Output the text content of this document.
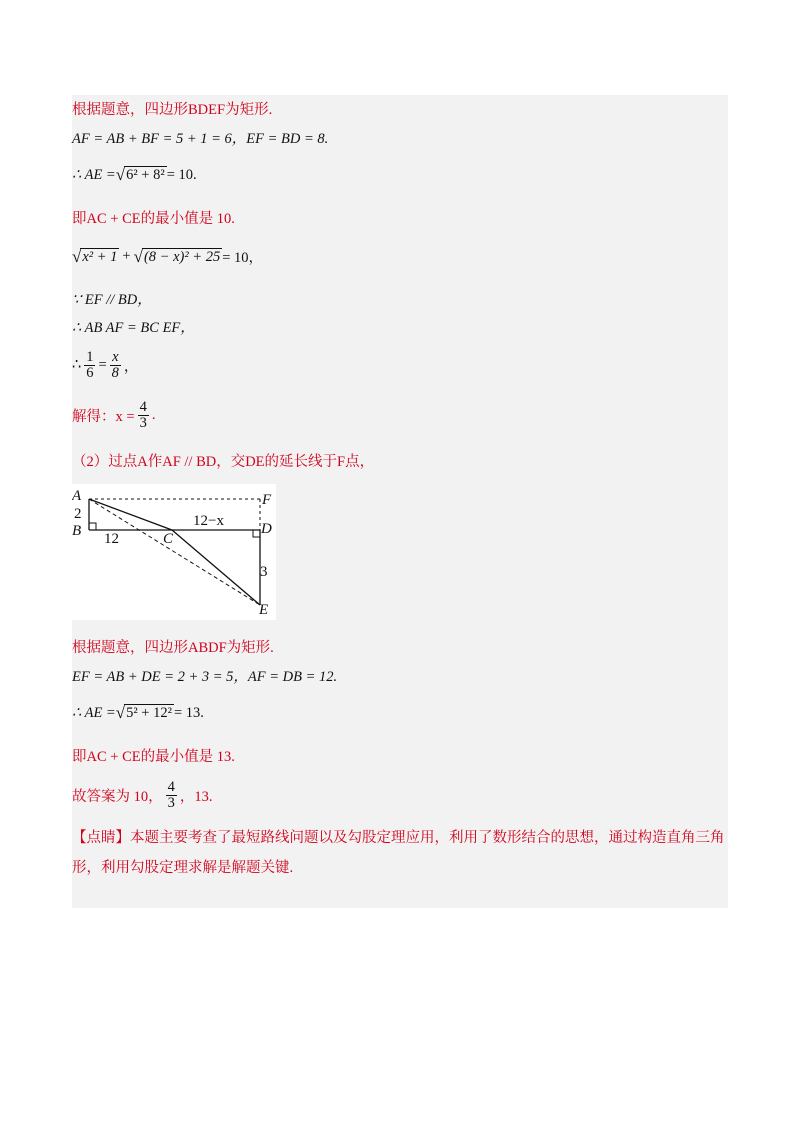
根据题意，四边形BDEF为矩形.
AF = AB + BF = 5 + 1 = 6，EF = BD = 8.
∴ AE = √ 6² + 8² = 10.
即AC + CE的最小值是 10.
√ x² + 1 + √ (8 − x)² + 25 = 10，
∵ EF // BD，
∴ AB AF = BC EF，
∴ $\frac{1}{6} = \frac{x}{8}$ ，
解得：$x = \frac{4}{3}$ .
（2）过点A作AF // BD，交DE的延长线于F点，
A
2
B 12	C
12−x
F
D
3
E
根据题意，四边形ABDF为矩形.
EF = AB + DE = 2 + 3 = 5，AF = DB = 12.
∴ AE = √ 5² + 12² = 13.
即AC + CE的最小值是 13.
故答案为 10， $\frac{4}{3}$ ，13.
【点睛】本题主要考查了最短路线问题以及勾股定理应用，利用了数形结合的思想，通过构造直角三角形，利用勾股定理求解是解题关键.
